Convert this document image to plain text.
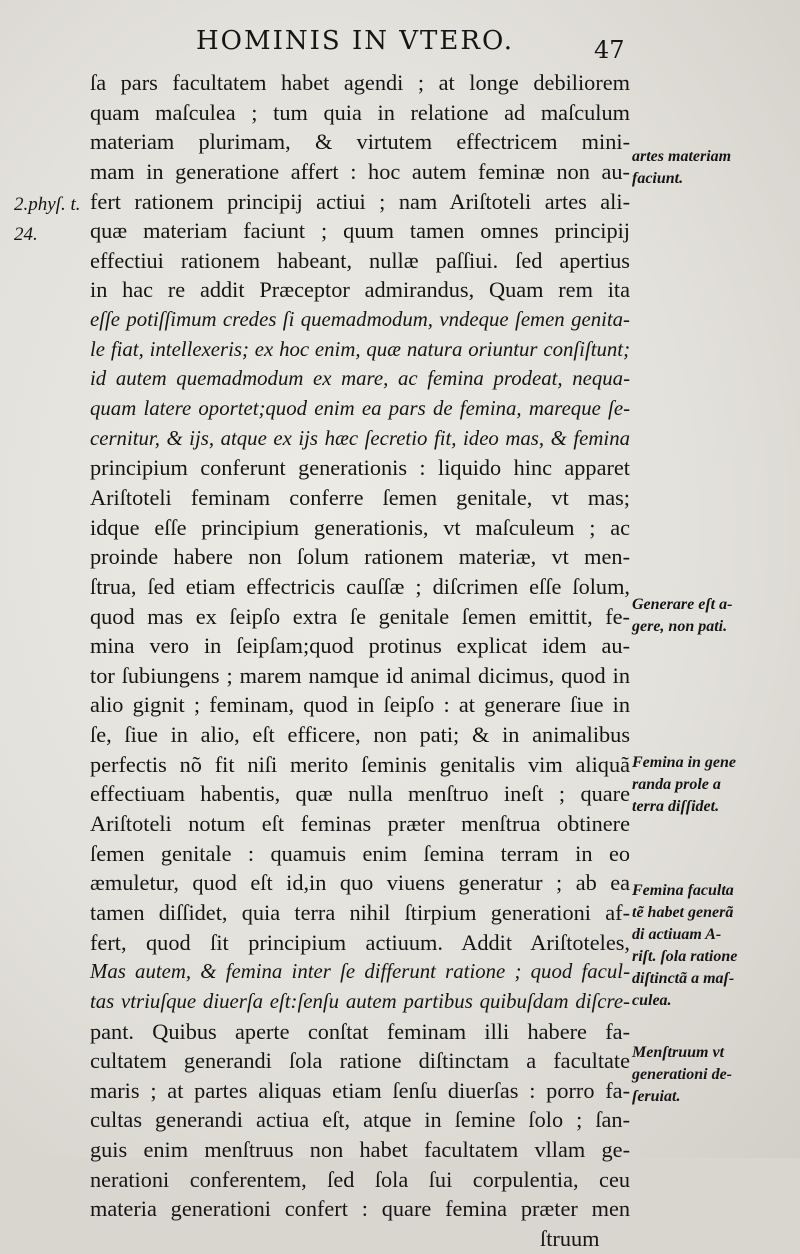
HOMINIS IN VTERO.	47
2.phyſ. t.
24.
ſa pars facultatem habet agendi ; at longe debiliorem
quam maſculea ; tum quia in relatione ad maſculum
materiam plurimam, & virtutem effectricem mini-
mam in generatione affert : hoc autem feminæ non au-
fert rationem principij actiui ; nam Ariſtoteli artes ali-
quæ materiam faciunt ; quum tamen omnes principij
effectiui rationem habeant, nullæ paſſiui. ſed apertius
in hac re addit Præceptor admirandus, Quam rem ita
eſſe potiſſimum credes ſi quemadmodum, vndeque ſemen genita-
le fiat, intellexeris; ex hoc enim, quæ natura oriuntur conſiſtunt;
id autem quemadmodum ex mare, ac femina prodeat, nequa-
quam latere oportet;quod enim ea pars de femina, mareque ſe-
cernitur, & ijs, atque ex ijs hæc ſecretio fit, ideo mas, & femina
principium conferunt generationis : liquido hinc apparet
Ariſtoteli feminam conferre ſemen genitale, vt mas;
idque eſſe principium generationis, vt maſculeum ; ac
proinde habere non ſolum rationem materiæ, vt men-
ſtrua, ſed etiam effectricis cauſſæ ; diſcrimen eſſe ſolum,
quod mas ex ſeipſo extra ſe genitale ſemen emittit, fe-
mina vero in ſeipſam;quod protinus explicat idem au-
tor ſubiungens ; marem namque id animal dicimus, quod in
alio gignit ; feminam, quod in ſeipſo : at generare ſiue in
ſe, ſiue in alio, eſt efficere, non pati; & in animalibus
perfectis nõ fit niſi merito ſeminis genitalis vim aliquã
effectiuam habentis, quæ nulla menſtruo ineſt ; quare
Ariſtoteli notum eſt feminas præter menſtrua obtinere
ſemen genitale : quamuis enim ſemina terram in eo
æmuletur, quod eſt id,in quo viuens generatur ; ab ea
tamen diſſidet, quia terra nihil ſtirpium generationi af-
fert, quod ſit principium actiuum. Addit Ariſtoteles,
Mas autem, & femina inter ſe differunt ratione ; quod facul-
tas vtriuſque diuerſa eſt:ſenſu autem partibus quibuſdam diſcre-
pant. Quibus aperte conſtat feminam illi habere fa-
cultatem generandi ſola ratione diſtinctam a facultate
maris ; at partes aliquas etiam ſenſu diuerſas : porro fa-
cultas generandi actiua eſt, atque in ſemine ſolo ; ſan-
guis enim menſtruus non habet facultatem vllam ge-
nerationi conferentem, ſed ſola ſui corpulentia, ceu
materia generationi confert : quare femina præter men
ſtruum
artes materiam
faciunt.
Generare eſt a-
gere, non pati.
Femina in gene
randa prole a
terra diſſidet.
Femina faculta
tẽ habet generã
di actiuam A-
riſt. ſola ratione
diſtinctã a maſ-
culea.
Menſtruum vt
generationi de-
ſeruiat.
